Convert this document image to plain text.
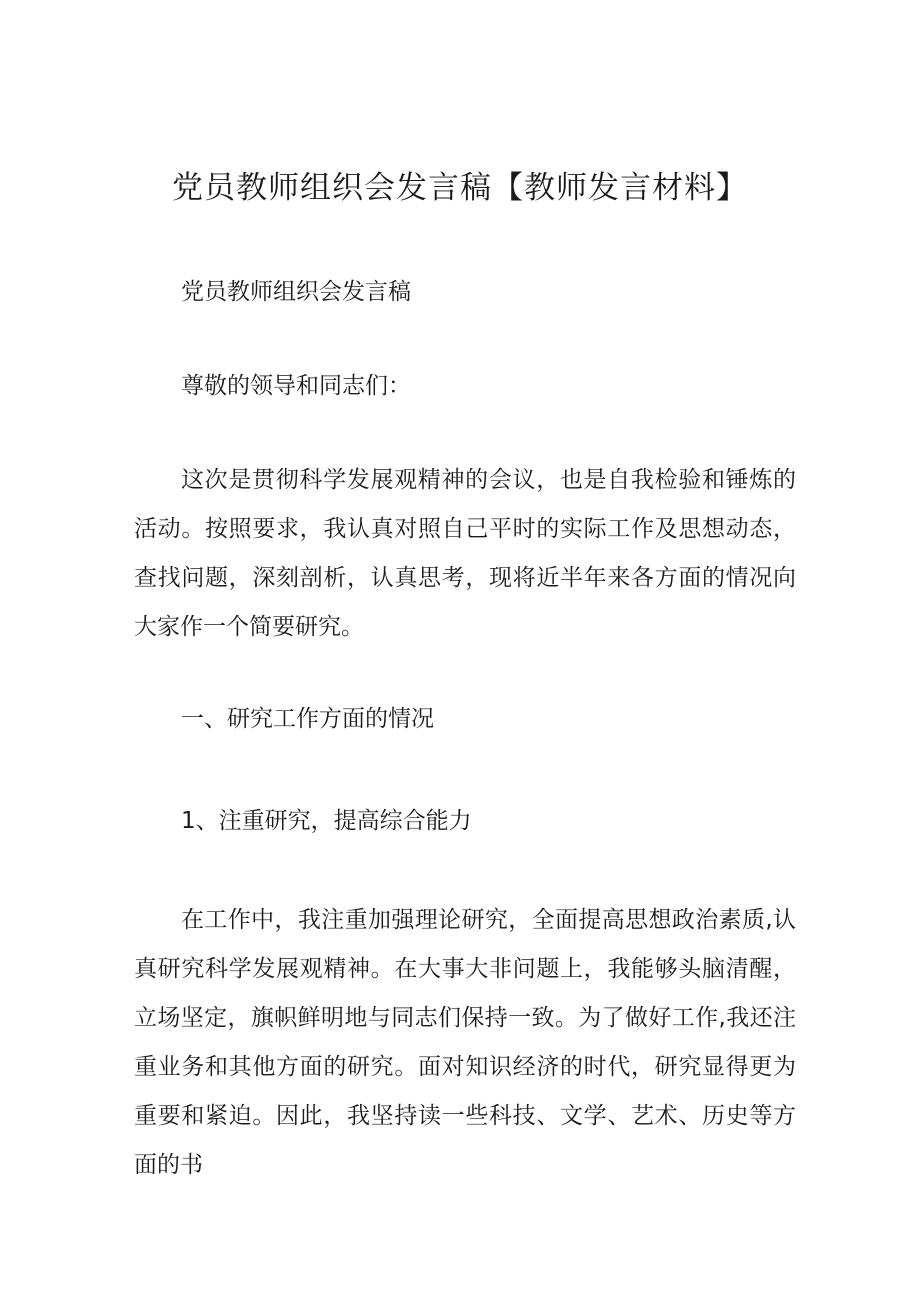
党员教师组织会发言稿【教师发言材料】

党员教师组织会发言稿

尊敬的领导和同志们：

这次是贯彻科学发展观精神的会议，也是自我检验和锤炼的活动。按照要求，我认真对照自己平时的实际工作及思想动态，查找问题，深刻剖析，认真思考，现将近半年来各方面的情况向大家作一个简要研究。

一、研究工作方面的情况

1、注重研究，提高综合能力

在工作中，我注重加强理论研究，全面提高思想政治素质,认真研究科学发展观精神。在大事大非问题上，我能够头脑清醒，立场坚定，旗帜鲜明地与同志们保持一致。为了做好工作,我还注重业务和其他方面的研究。面对知识经济的时代，研究显得更为重要和紧迫。因此，我坚持读一些科技、文学、艺术、历史等方面的书
